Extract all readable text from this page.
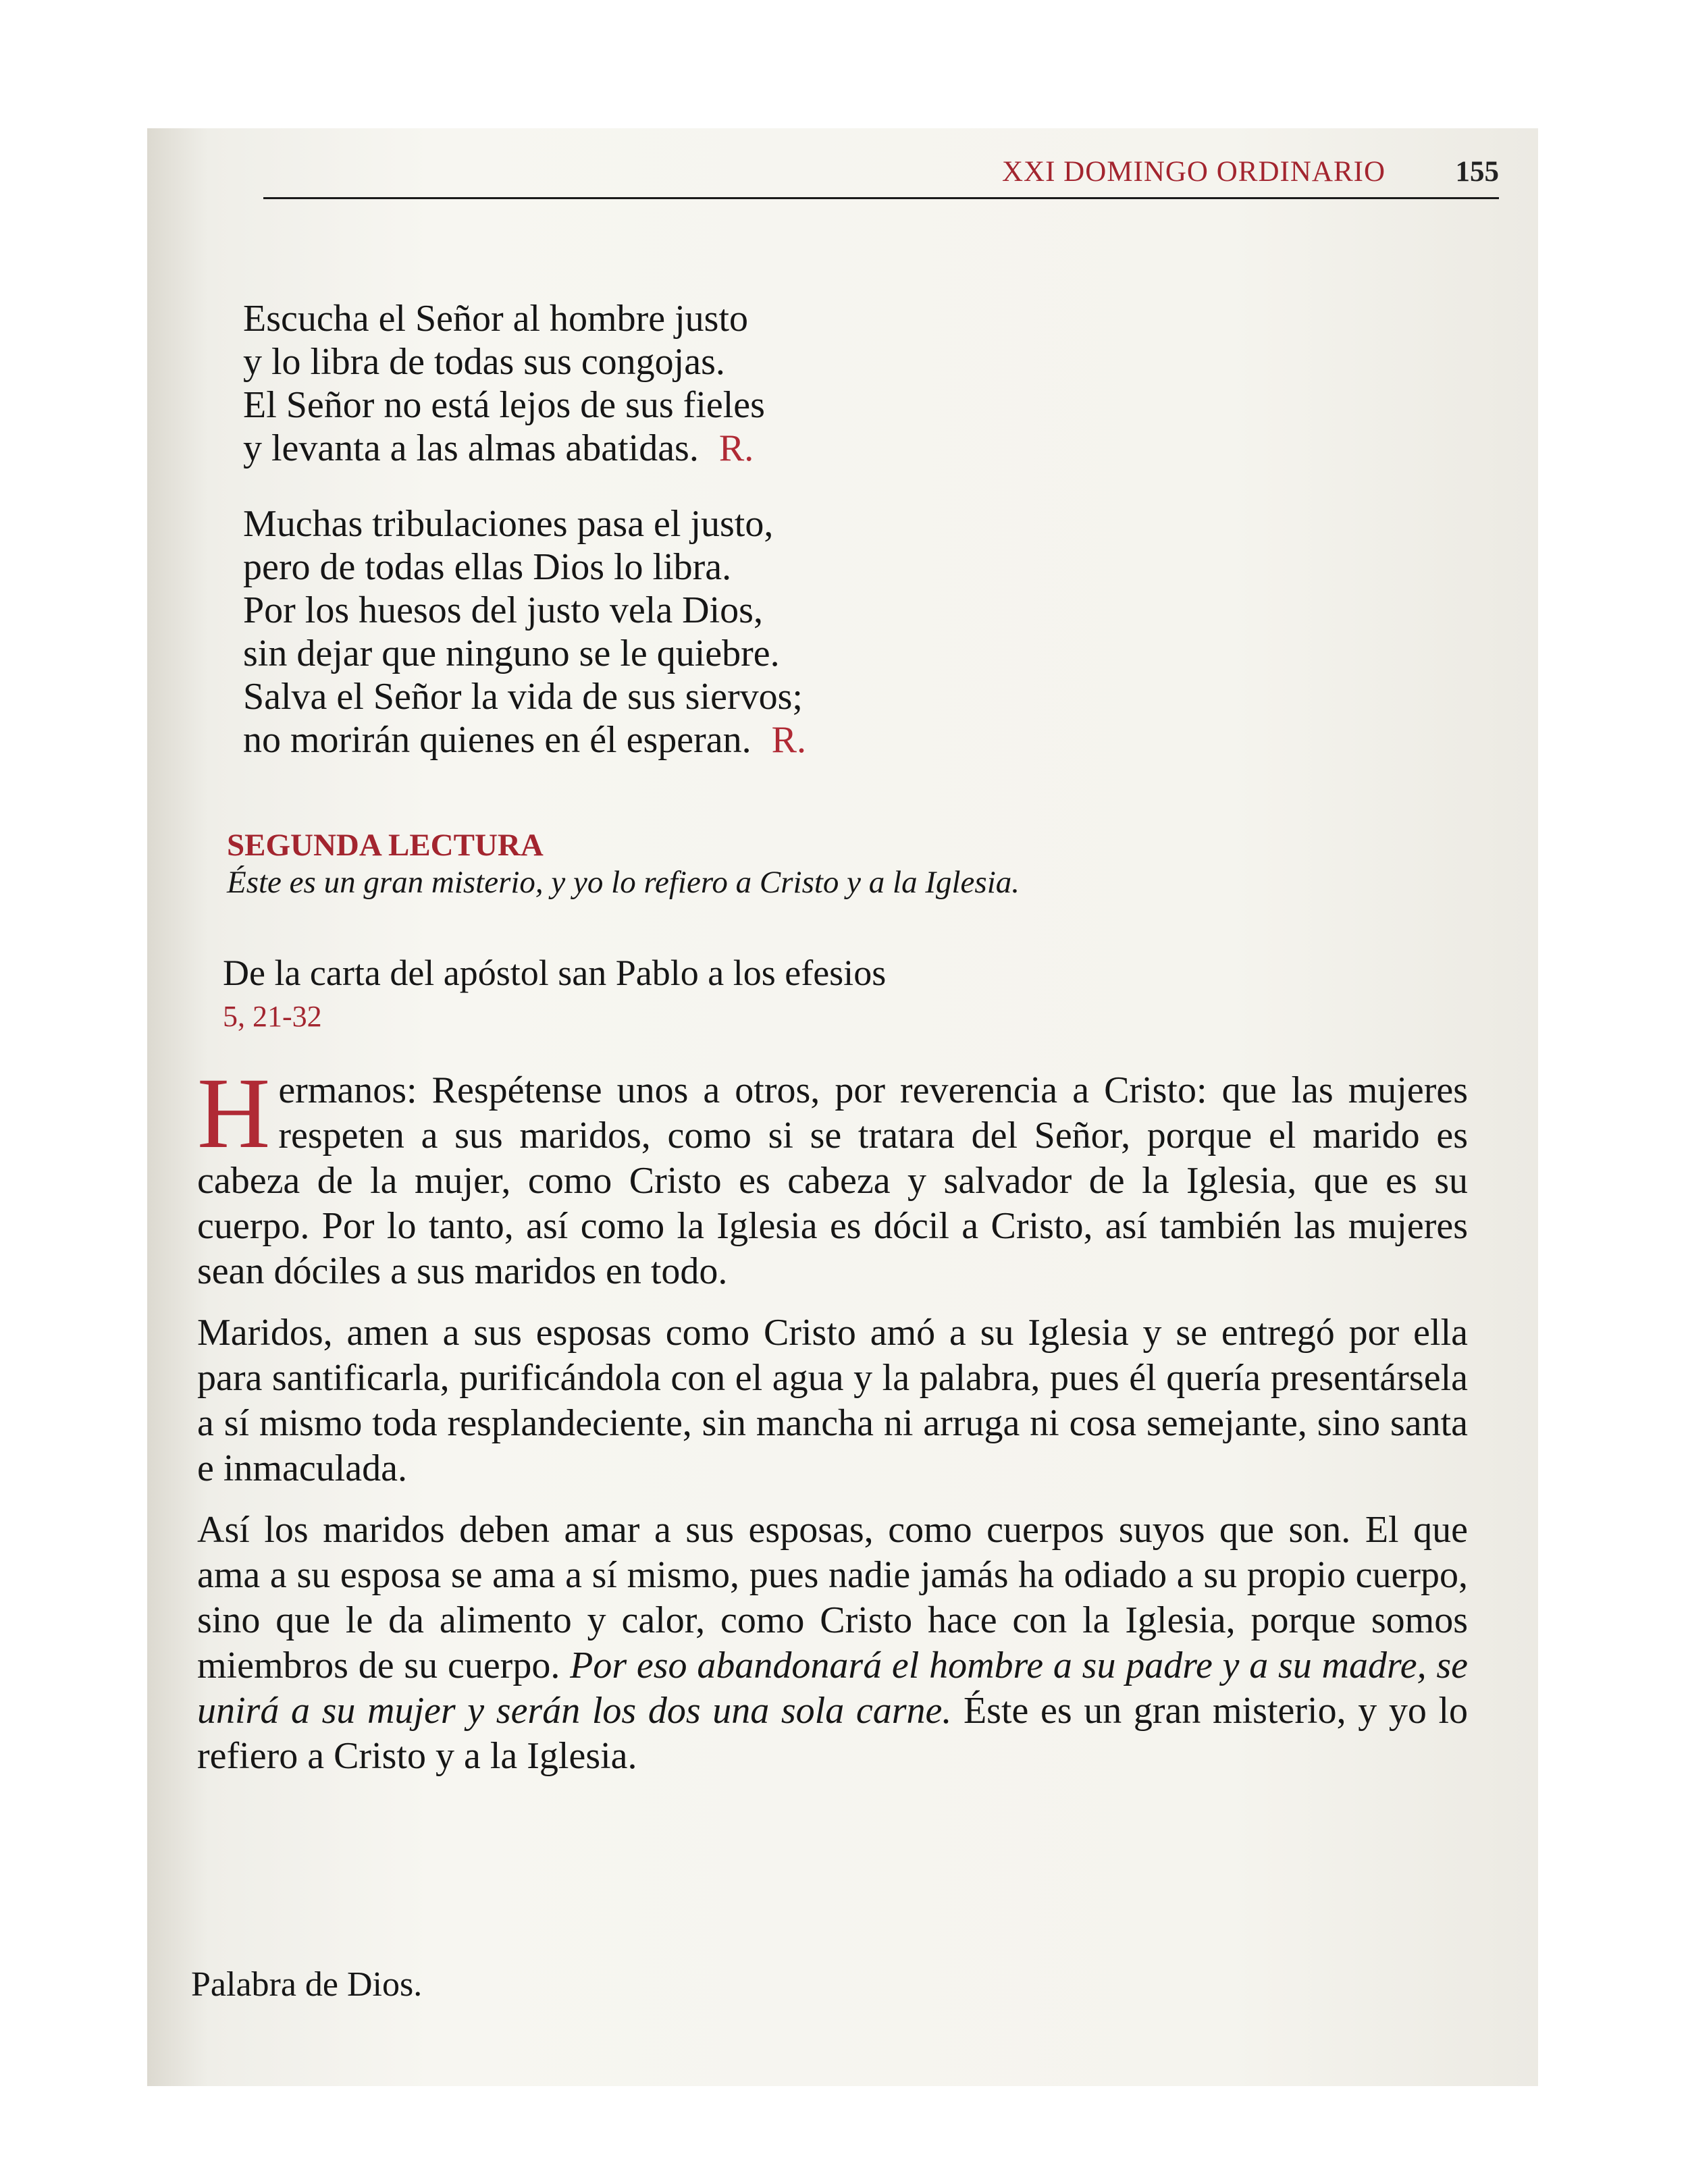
XXI DOMINGO ORDINARIO 155
Escucha el Señor al hombre justo
y lo libra de todas sus congojas.
El Señor no está lejos de sus fieles
y levanta a las almas abatidas. R.
Muchas tribulaciones pasa el justo,
pero de todas ellas Dios lo libra.
Por los huesos del justo vela Dios,
sin dejar que ninguno se le quiebre.
Salva el Señor la vida de sus siervos;
no morirán quienes en él esperan. R.
SEGUNDA LECTURA
Éste es un gran misterio, y yo lo refiero a Cristo y a la Iglesia.
De la carta del apóstol san Pablo a los efesios
5, 21-32

Hermanos: Respétense unos a otros, por reverencia a Cristo: que las mujeres respeten a sus maridos, como si se tratara del Señor, porque el marido es cabeza de la mujer, como Cristo es cabeza y salvador de la Iglesia, que es su cuerpo. Por lo tanto, así como la Iglesia es dócil a Cristo, así también las mujeres sean dóciles a sus maridos en todo.

Maridos, amen a sus esposas como Cristo amó a su Iglesia y se entregó por ella para santificarla, purificándola con el agua y la palabra, pues él quería presentársela a sí mismo toda resplandeciente, sin mancha ni arruga ni cosa semejante, sino santa e inmaculada.

Así los maridos deben amar a sus esposas, como cuerpos suyos que son. El que ama a su esposa se ama a sí mismo, pues nadie jamás ha odiado a su propio cuerpo, sino que le da alimento y calor, como Cristo hace con la Iglesia, porque somos miembros de su cuerpo. Por eso abandonará el hombre a su padre y a su madre, se unirá a su mujer y serán los dos una sola carne. Éste es un gran misterio, y yo lo refiero a Cristo y a la Iglesia.

Palabra de Dios.
